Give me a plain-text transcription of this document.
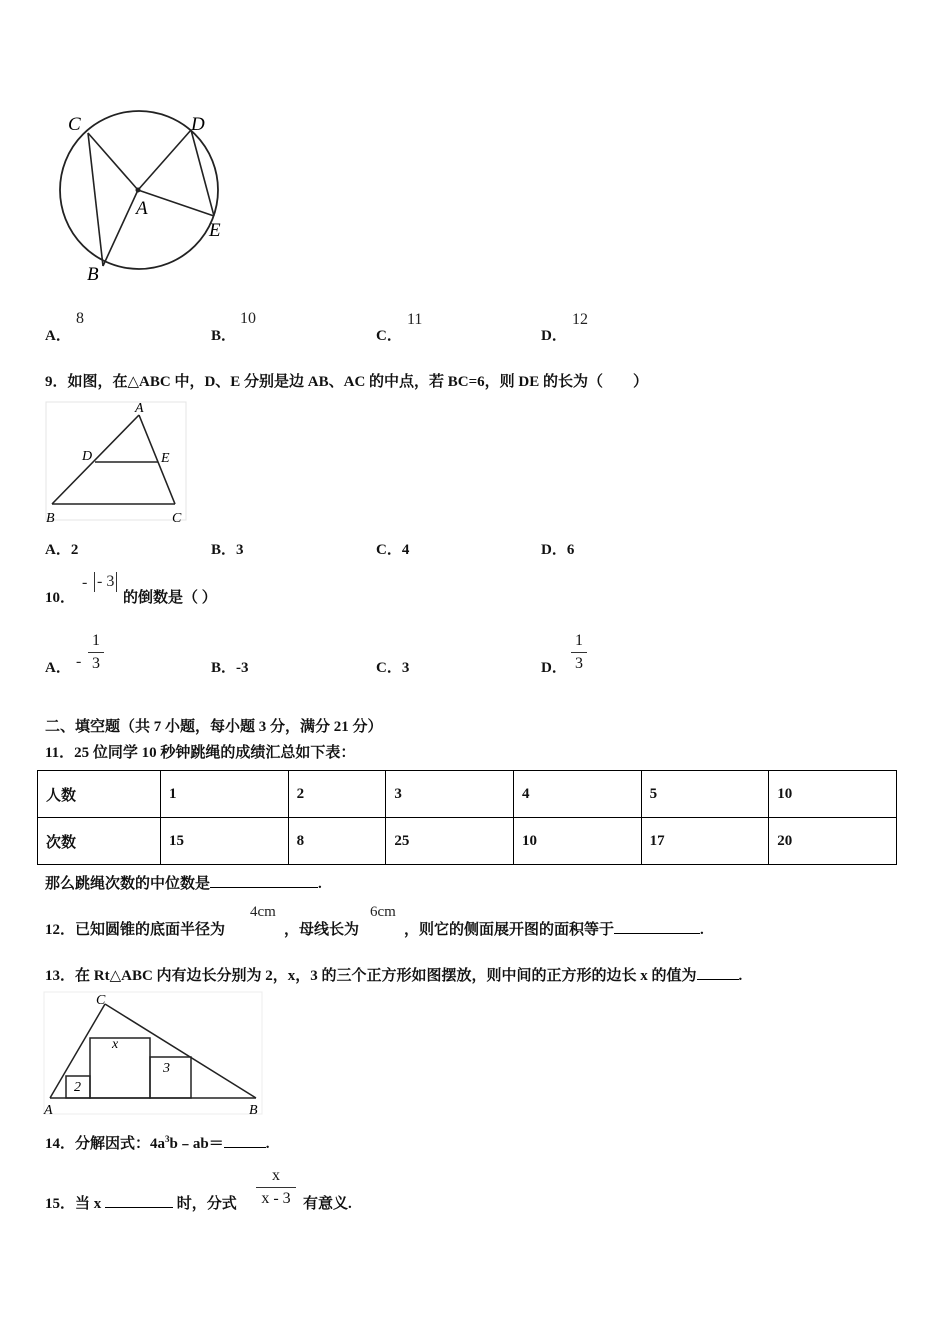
C	D
A
E
B
A．
8
B．
10
C．
11
D．
12
9．如图，在△ABC 中，D、E 分别是边 AB、AC 的中点，若 BC=6，则 DE 的长为（　　）
A
D	E
B	C
A．2	B．3	C．4	D．6
10．
- - 3
的倒数是（ ）
A． -
1
3	B．-3	C．3	D．
1
3
二、填空题（共 7 小题，每小题 3 分，满分 21 分）
11．25 位同学 10 秒钟跳绳的成绩汇总如下表：
人数	1	2	3	4	5	10
次数	15	8	25	10	17	20
那么跳绳次数的中位数是	.
12．已知圆锥的底面半径为
4cm
，母线长为
6cm
，则它的侧面展开图的面积等于	.
13．在 Rt△ABC 内有边长分别为 2，x，3 的三个正方形如图摆放，则中间的正方形的边长 x 的值为	.
C
x
3
2
A	B
14．分解因式：$4a^3b﹣ab=$	.
15．当 x	时，分式
x
x - 3 有意义.
